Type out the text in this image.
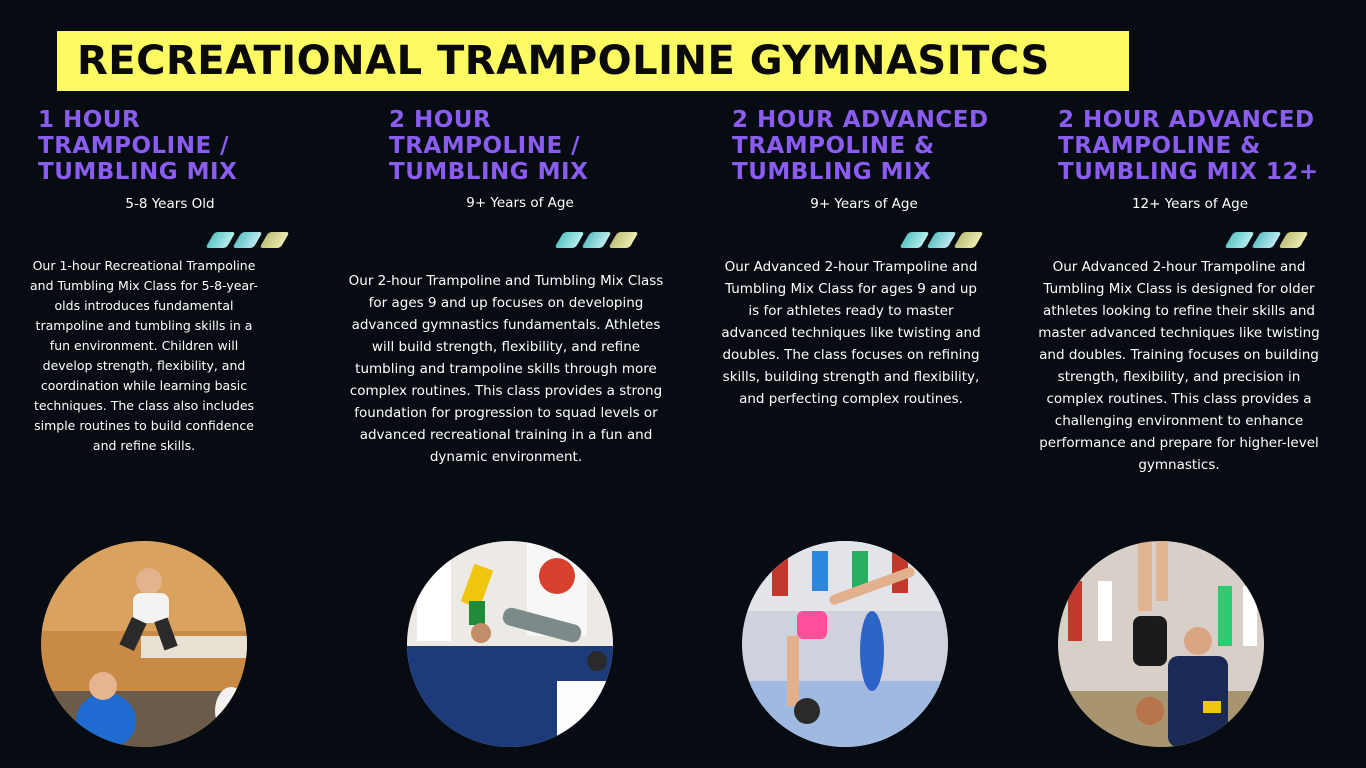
RECREATIONAL TRAMPOLINE GYMNASITCS
1 HOUR
TRAMPOLINE /
TUMBLING MIX
5-8 Years Old
Our 1-hour Recreational Trampoline and Tumbling Mix Class for 5-8-year-olds introduces fundamental trampoline and tumbling skills in a fun environment. Children will develop strength, flexibility, and coordination while learning basic techniques. The class also includes simple routines to build confidence and refine skills.
2 HOUR
TRAMPOLINE /
TUMBLING MIX
9+ Years of Age
Our 2-hour Trampoline and Tumbling Mix Class for ages 9 and up focuses on developing advanced gymnastics fundamentals. Athletes will build strength, flexibility, and refine tumbling and trampoline skills through more complex routines. This class provides a strong foundation for progression to squad levels or advanced recreational training in a fun and dynamic environment.
2 HOUR ADVANCED
TRAMPOLINE &
TUMBLING MIX
9+ Years of Age
Our Advanced 2-hour Trampoline and Tumbling Mix Class for ages 9 and up is for athletes ready to master advanced techniques like twisting and doubles. The class focuses on refining skills, building strength and flexibility, and perfecting complex routines.
2 HOUR ADVANCED
TRAMPOLINE &
TUMBLING MIX 12+
12+ Years of Age
Our Advanced 2-hour Trampoline and Tumbling Mix Class is designed for older athletes looking to refine their skills and master advanced techniques like twisting and doubles. Training focuses on building strength, flexibility, and precision in complex routines. This class provides a challenging environment to enhance performance and prepare for higher-level gymnastics.
